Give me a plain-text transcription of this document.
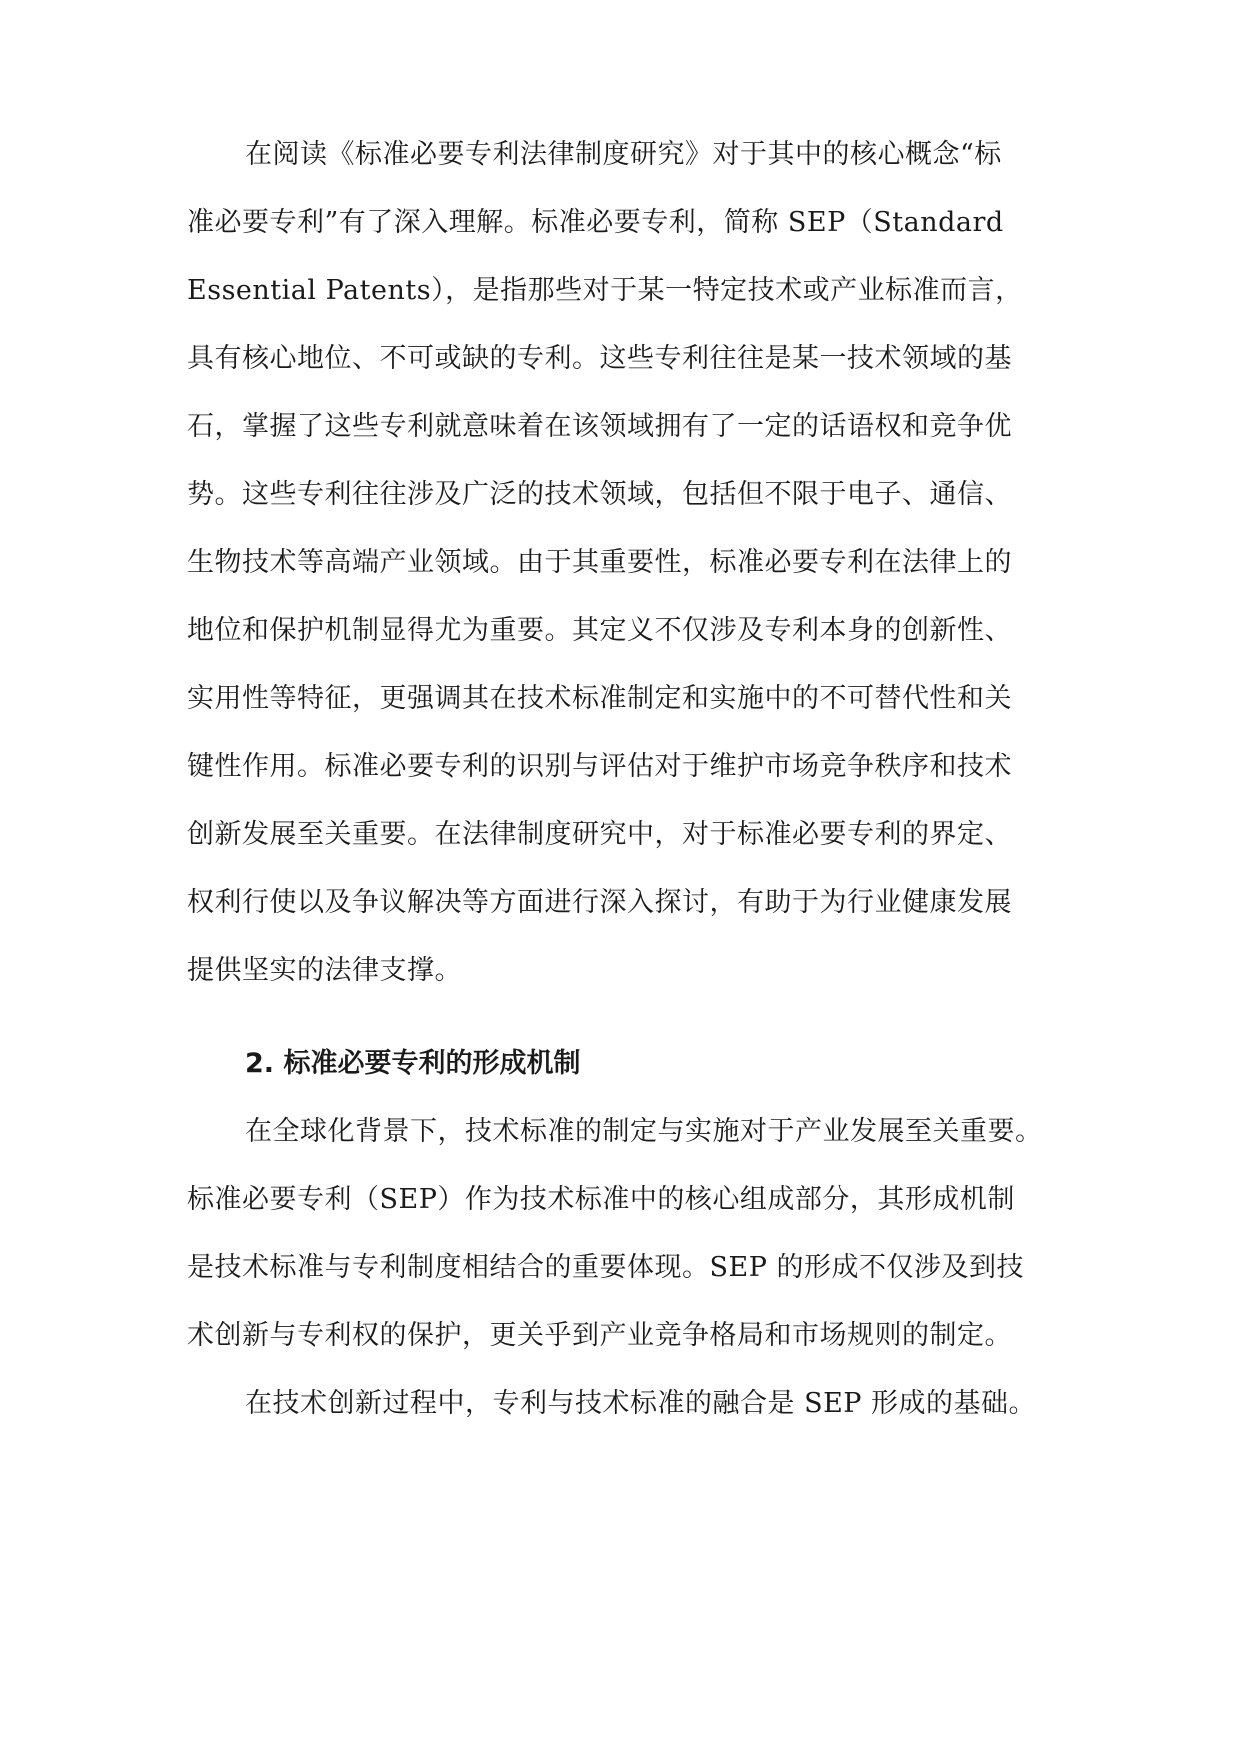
在阅读《标准必要专利法律制度研究》对于其中的核心概念“标
准必要专利”有了深入理解。标准必要专利，简称 SEP（Standard
Essential Patents），是指那些对于某一特定技术或产业标准而言，
具有核心地位、不可或缺的专利。这些专利往往是某一技术领域的基
石，掌握了这些专利就意味着在该领域拥有了一定的话语权和竞争优
势。这些专利往往涉及广泛的技术领域，包括但不限于电子、通信、
生物技术等高端产业领域。由于其重要性，标准必要专利在法律上的
地位和保护机制显得尤为重要。其定义不仅涉及专利本身的创新性、
实用性等特征，更强调其在技术标准制定和实施中的不可替代性和关
键性作用。标准必要专利的识别与评估对于维护市场竞争秩序和技术
创新发展至关重要。在法律制度研究中，对于标准必要专利的界定、
权利行使以及争议解决等方面进行深入探讨，有助于为行业健康发展
提供坚实的法律支撑。
2. 标准必要专利的形成机制
在全球化背景下，技术标准的制定与实施对于产业发展至关重要。
标准必要专利（SEP）作为技术标准中的核心组成部分，其形成机制
是技术标准与专利制度相结合的重要体现。SEP 的形成不仅涉及到技
术创新与专利权的保护，更关乎到产业竞争格局和市场规则的制定。
在技术创新过程中，专利与技术标准的融合是 SEP 形成的基础。
